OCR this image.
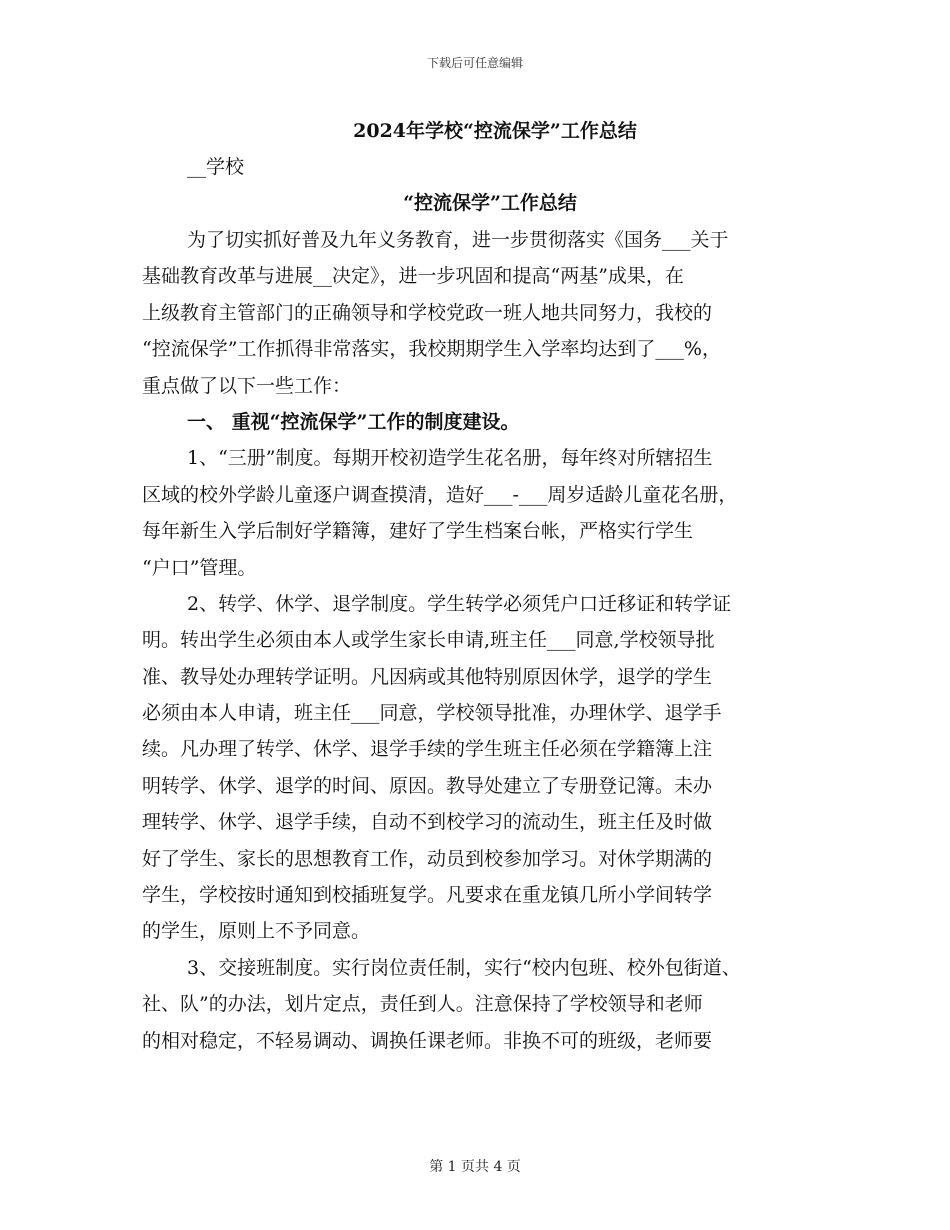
下载后可任意编辑
2024年学校“控流保学”工作总结
__学校
“控流保学”工作总结
为了切实抓好普及九年义务教育，进一步贯彻落实《国务___关于
基础教育改革与进展__决定》，进一步巩固和提高“两基”成果，在
上级教育主管部门的正确领导和学校党政一班人地共同努力，我校的
“控流保学”工作抓得非常落实，我校期期学生入学率均达到了___%，
重点做了以下一些工作：
一、 重视“控流保学”工作的制度建设。
1、“三册”制度。每期开校初造学生花名册，每年终对所辖招生
区域的校外学龄儿童逐户调查摸清，造好___-___周岁适龄儿童花名册，
每年新生入学后制好学籍簿，建好了学生档案台帐，严格实行学生
“户口”管理。
2、转学、休学、退学制度。学生转学必须凭户口迁移证和转学证
明。转出学生必须由本人或学生家长申请,班主任___同意,学校领导批
准、教导处办理转学证明。凡因病或其他特别原因休学，退学的学生
必须由本人申请，班主任___同意，学校领导批准，办理休学、退学手
续。凡办理了转学、休学、退学手续的学生班主任必须在学籍簿上注
明转学、休学、退学的时间、原因。教导处建立了专册登记簿。未办
理转学、休学、退学手续，自动不到校学习的流动生，班主任及时做
好了学生、家长的思想教育工作，动员到校参加学习。对休学期满的
学生，学校按时通知到校插班复学。凡要求在重龙镇几所小学间转学
的学生，原则上不予同意。
3、交接班制度。实行岗位责任制，实行“校内包班、校外包街道、
社、队”的办法，划片定点，责任到人。注意保持了学校领导和老师
的相对稳定，不轻易调动、调换任课老师。非换不可的班级，老师要
第 1 页共 4 页
